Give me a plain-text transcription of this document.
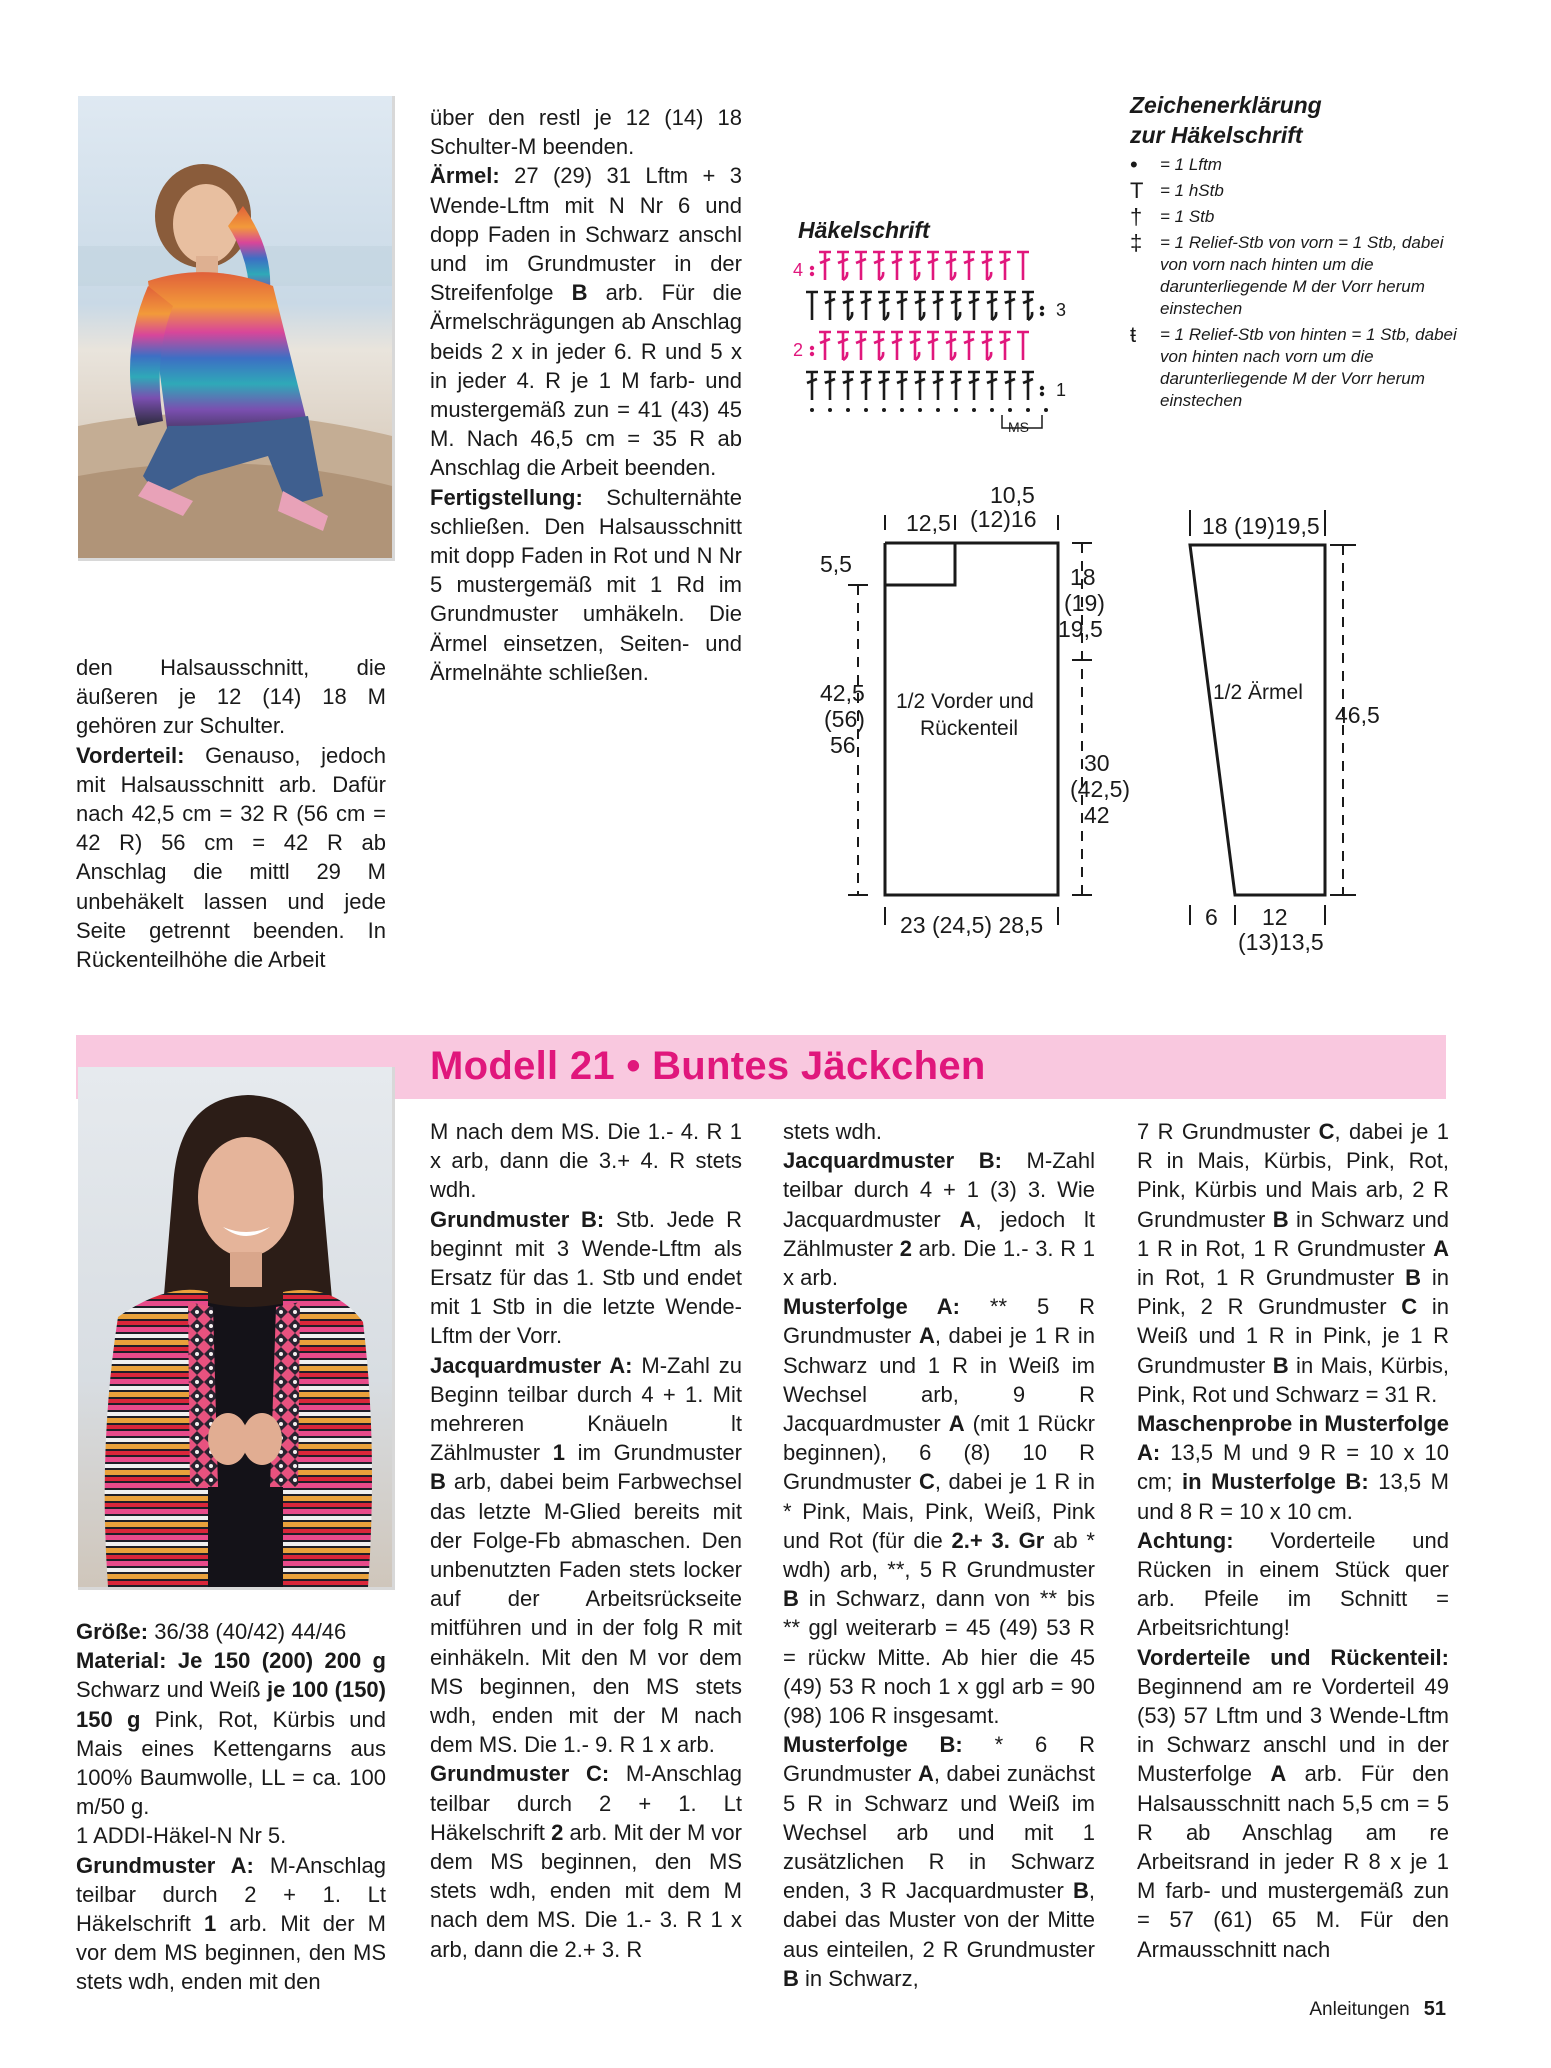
den Halsausschnitt, die äußeren je 12 (14) 18 M gehören zur Schulter.

Vorderteil: Genauso, jedoch mit Halsausschnitt arb. Dafür nach 42,5 cm = 32 R (56 cm = 42 R) 56 cm = 42 R ab Anschlag die mittl 29 M unbehäkelt lassen und jede Seite getrennt beenden. In Rückenteilhöhe die Arbeit

über den restl je 12 (14) 18 Schulter-M beenden.

Ärmel: 27 (29) 31 Lftm + 3 Wende-Lftm mit N Nr 6 und dopp Faden in Schwarz anschl und im Grundmuster in der Streifenfolge B arb. Für die Ärmelschrägungen ab Anschlag beids 2 x in jeder 6. R und 5 x in jeder 4. R je 1 M farb- und mustergemäß zun = 41 (43) 45 M. Nach 46,5 cm = 35 R ab Anschlag die Arbeit beenden.

Fertigstellung: Schulternähte schließen. Den Halsausschnitt mit dopp Faden in Rot und N Nr 5 mustergemäß mit 1 Rd im Grundmuster umhäkeln. Die Ärmel einsetzen, Seiten- und Ärmelnähte schließen.

Häkelschrift
4
3
2
1
MS
Zeichenerklärung
zur Häkelschrift
• = 1 Lftm
T = 1 hStb
† = 1 Stb
‡ = 1 Relief-Stb von vorn = 1 Stb, dabei von vorn nach hinten um die darunterliegende M der Vorr herum einstechen
ŧ = 1 Relief-Stb von hinten = 1 Stb, dabei von hinten nach vorn um die darunterliegende M der Vorr herum einstechen
12,5
10,5
(12)16
5,5	18
(19)
19,5
42,5
(56)
56
30
(42,5)
42
23 (24,5) 28,5
1/2 Vorder und
Rückenteil
18 (19)19,5
46,5
6 12
(13)13,5
1/2 Ärmel
Modell 21 • Buntes Jäckchen

Größe: 36/38 (40/42) 44/46

Material: Je 150 (200) 200 g Schwarz und Weiß je 100 (150) 150 g Pink, Rot, Kürbis und Mais eines Kettengarns aus 100% Baumwolle, LL = ca. 100 m/50 g.

1 ADDI-Häkel-N Nr 5.

Grundmuster A: M-Anschlag teilbar durch 2 + 1. Lt Häkelschrift 1 arb. Mit der M vor dem MS beginnen, den MS stets wdh, enden mit den

M nach dem MS. Die 1.- 4. R 1 x arb, dann die 3.+ 4. R stets wdh.

Grundmuster B: Stb. Jede R beginnt mit 3 Wende-Lftm als Ersatz für das 1. Stb und endet mit 1 Stb in die letzte Wende-Lftm der Vorr.

Jacquardmuster A: M-Zahl zu Beginn teilbar durch 4 + 1. Mit mehreren Knäueln lt Zählmuster 1 im Grundmuster B arb, dabei beim Farbwechsel das letzte M-Glied bereits mit der Folge-Fb abmaschen. Den unbenutzten Faden stets locker auf der Arbeitsrückseite mitführen und in der folg R mit einhäkeln. Mit den M vor dem MS beginnen, den MS stets wdh, enden mit der M nach dem MS. Die 1.- 9. R 1 x arb.

Grundmuster C: M-Anschlag teilbar durch 2 + 1. Lt Häkelschrift 2 arb. Mit der M vor dem MS beginnen, den MS stets wdh, enden mit dem M nach dem MS. Die 1.- 3. R 1 x arb, dann die 2.+ 3. R

stets wdh.

Jacquardmuster B: M-Zahl teilbar durch 4 + 1 (3) 3. Wie Jacquardmuster A, jedoch lt Zählmuster 2 arb. Die 1.- 3. R 1 x arb.

Musterfolge A: ** 5 R Grundmuster A, dabei je 1 R in Schwarz und 1 R in Weiß im Wechsel arb, 9 R Jacquardmuster A (mit 1 Rückr beginnen), 6 (8) 10 R Grundmuster C, dabei je 1 R in * Pink, Mais, Pink, Weiß, Pink und Rot (für die 2.+ 3. Gr ab * wdh) arb, **, 5 R Grundmuster B in Schwarz, dann von ** bis ** ggl weiterarb = 45 (49) 53 R = rückw Mitte. Ab hier die 45 (49) 53 R noch 1 x ggl arb = 90 (98) 106 R insgesamt.

Musterfolge B: * 6 R Grundmuster A, dabei zunächst 5 R in Schwarz und Weiß im Wechsel arb und mit 1 zusätzlichen R in Schwarz enden, 3 R Jacquardmuster B, dabei das Muster von der Mitte aus einteilen, 2 R Grundmuster B in Schwarz,

7 R Grundmuster C, dabei je 1 R in Mais, Kürbis, Pink, Rot, Pink, Kürbis und Mais arb, 2 R Grundmuster B in Schwarz und 1 R in Rot, 1 R Grundmuster A in Rot, 1 R Grundmuster B in Pink, 2 R Grundmuster C in Weiß und 1 R in Pink, je 1 R Grundmuster B in Mais, Kürbis, Pink, Rot und Schwarz = 31 R.

Maschenprobe in Musterfolge A: 13,5 M und 9 R = 10 x 10 cm; in Musterfolge B: 13,5 M und 8 R = 10 x 10 cm.

Achtung: Vorderteile und Rücken in einem Stück quer arb. Pfeile im Schnitt = Arbeitsrichtung!

Vorderteile und Rückenteil: Beginnend am re Vorderteil 49 (53) 57 Lftm und 3 Wende-Lftm in Schwarz anschl und in der Musterfolge A arb. Für den Halsausschnitt nach 5,5 cm = 5 R ab Anschlag am re Arbeitsrand in jeder R 8 x je 1 M farb- und mustergemäß zun = 57 (61) 65 M. Für den Armausschnitt nach

Anleitungen 51
